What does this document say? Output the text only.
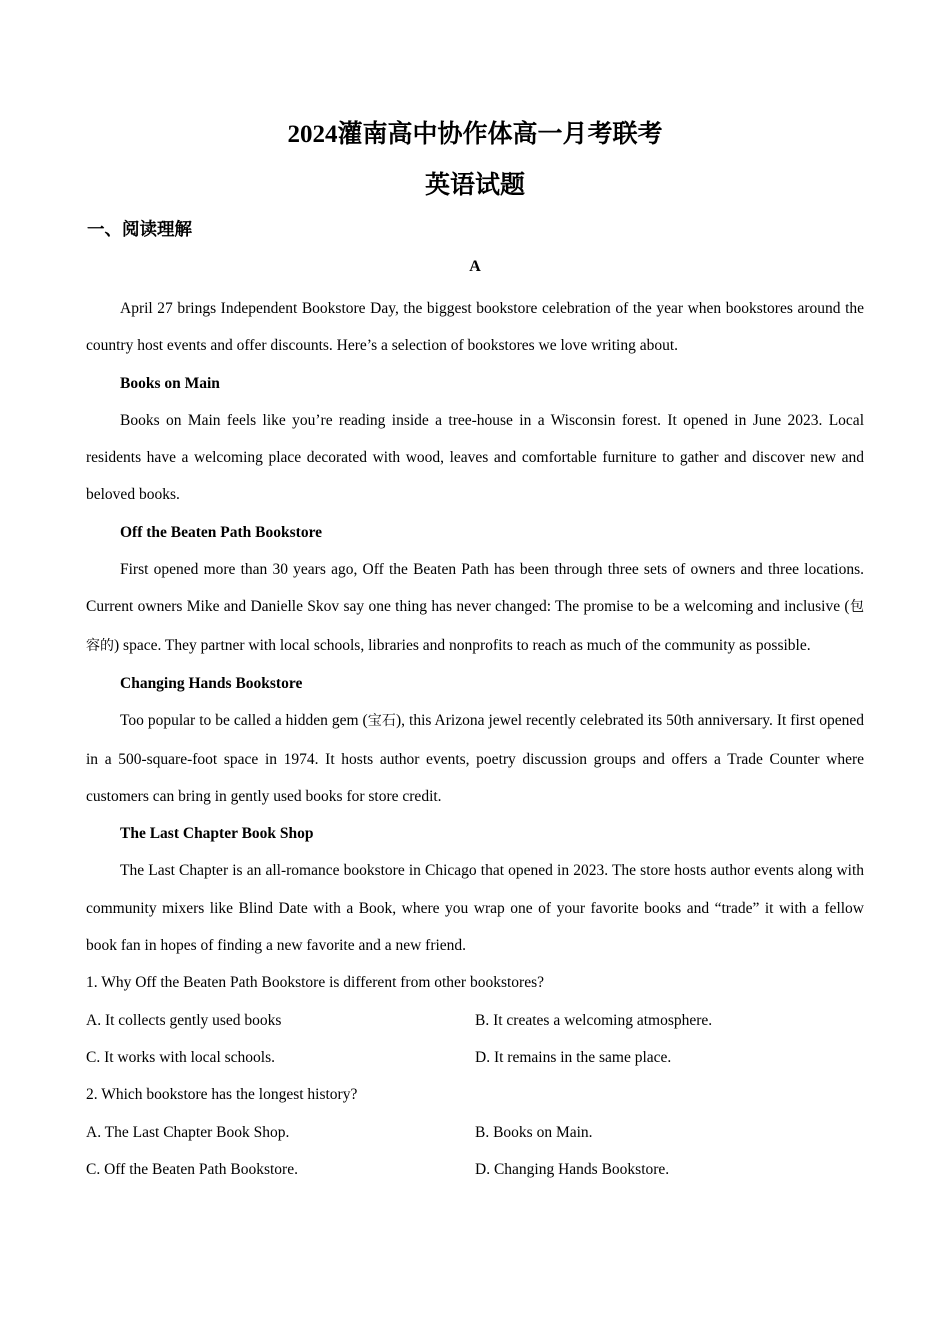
2024灌南高中协作体高一月考联考
英语试题
一、阅读理解
A

April 27 brings Independent Bookstore Day, the biggest bookstore celebration of the year when bookstores around the country host events and offer discounts. Here’s a selection of bookstores we love writing about.

Books on Main

Books on Main feels like you’re reading inside a tree-house in a Wisconsin forest. It opened in June 2023. Local residents have a welcoming place decorated with wood, leaves and comfortable furniture to gather and discover new and beloved books.

Off the Beaten Path Bookstore

First opened more than 30 years ago, Off the Beaten Path has been through three sets of owners and three locations. Current owners Mike and Danielle Skov say one thing has never changed: The promise to be a welcoming and inclusive (包容的) space. They partner with local schools, libraries and nonprofits to reach as much of the community as possible.

Changing Hands Bookstore

Too popular to be called a hidden gem (宝石), this Arizona jewel recently celebrated its 50th anniversary. It first opened in a 500-square-foot space in 1974. It hosts author events, poetry discussion groups and offers a Trade Counter where customers can bring in gently used books for store credit.

The Last Chapter Book Shop

The Last Chapter is an all-romance bookstore in Chicago that opened in 2023. The store hosts author events along with community mixers like Blind Date with a Book, where you wrap one of your favorite books and “trade” it with a fellow book fan in hopes of finding a new favorite and a new friend.

1. Why Off the Beaten Path Bookstore is different from other bookstores?

A. It collects gently used books	B. It creates a welcoming atmosphere.

C. It works with local schools.	D. It remains in the same place.

2. Which bookstore has the longest history?

A. The Last Chapter Book Shop.	B. Books on Main.

C. Off the Beaten Path Bookstore.	D. Changing Hands Bookstore.
